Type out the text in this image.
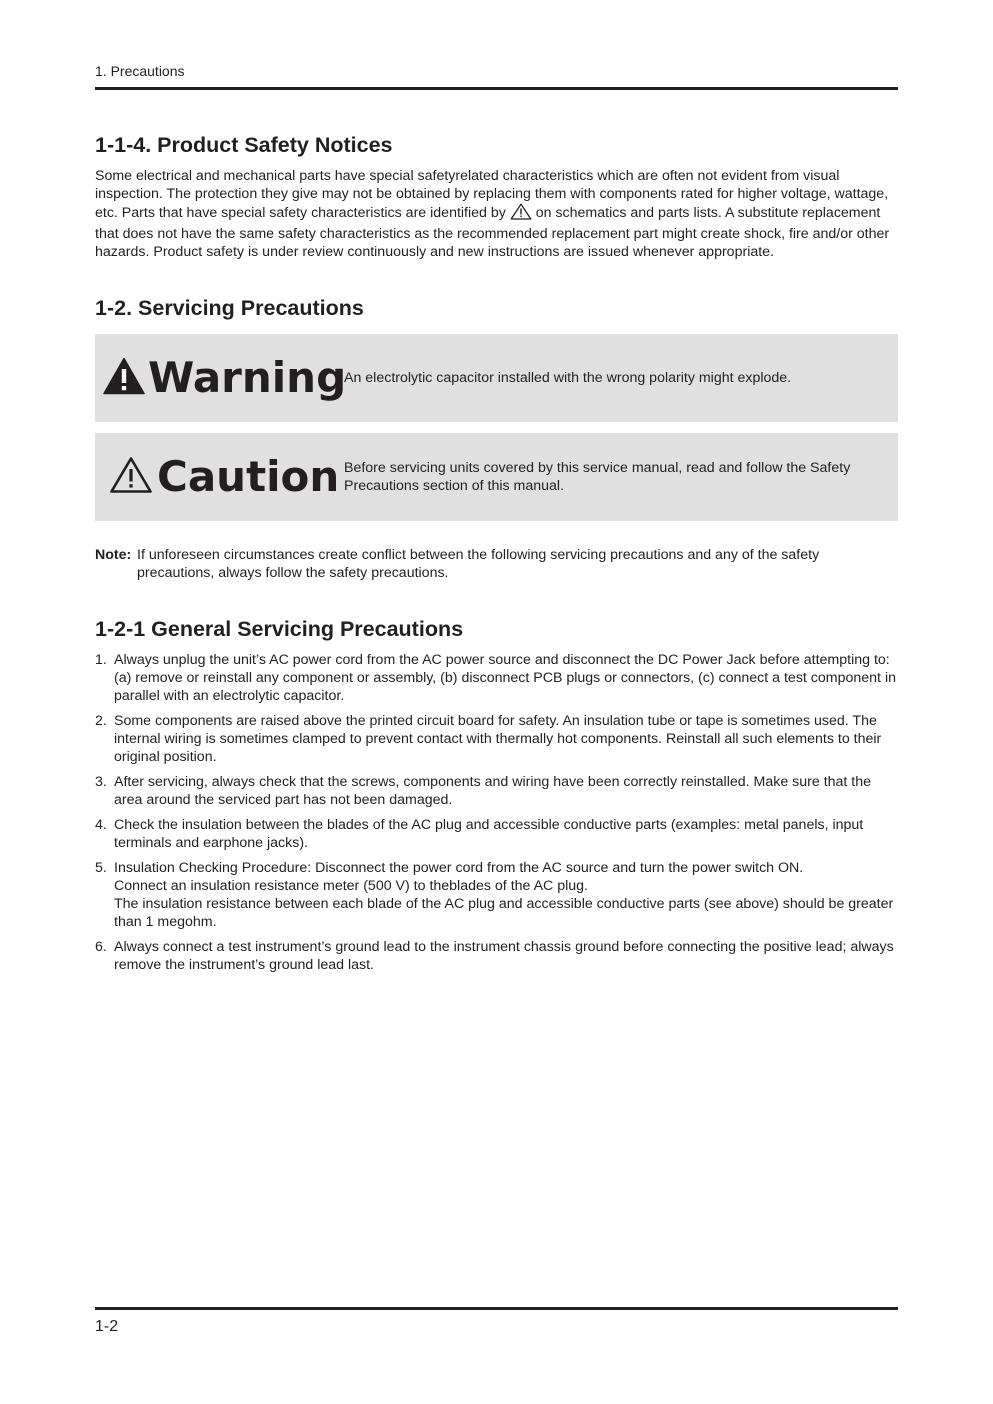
1. Precautions
1-1-4. Product Safety Notices

Some electrical and mechanical parts have special safetyrelated characteristics which are often not evident from visual inspection. The protection they give may not be obtained by replacing them with components rated for higher voltage, wattage, etc. Parts that have special safety characteristics are identified by  on schematics and parts lists. A substitute replacement that does not have the same safety characteristics as the recommended replacement part might create shock, fire and/or other hazards. Product safety is under review continuously and new instructions are issued whenever appropriate.

1-2. Servicing Precautions
Warning

An electrolytic capacitor installed with the wrong polarity might explode.

Caution Before servicing units covered by this service manual, read and follow the Safety Precautions section of this manual.

Note: If unforeseen circumstances create conflict between the following servicing precautions and any of the safety precautions, always follow the safety precautions.

1-2-1 General Servicing Precautions
1. Always unplug the unit’s AC power cord from the AC power source and disconnect the DC Power Jack before attempting to: (a) remove or reinstall any component or assembly, (b) disconnect PCB plugs or connectors, (c) connect a test component in parallel with an electrolytic capacitor.
2. Some components are raised above the printed circuit board for safety. An insulation tube or tape is sometimes used. The internal wiring is sometimes clamped to prevent contact with thermally hot components. Reinstall all such elements to their original position.
3. After servicing, always check that the screws, components and wiring have been correctly reinstalled. Make sure that the area around the serviced part has not been damaged.
4. Check the insulation between the blades of the AC plug and accessible conductive parts (examples: metal panels, input terminals and earphone jacks).
5. Insulation Checking Procedure: Disconnect the power cord from the AC source and turn the power switch ON.
Connect an insulation resistance meter (500 V) to theblades of the AC plug.
The insulation resistance between each blade of the AC plug and accessible conductive parts (see above) should be greater than 1 megohm.
6. Always connect a test instrument’s ground lead to the instrument chassis ground before connecting the positive lead; always remove the instrument’s ground lead last.
1-2
